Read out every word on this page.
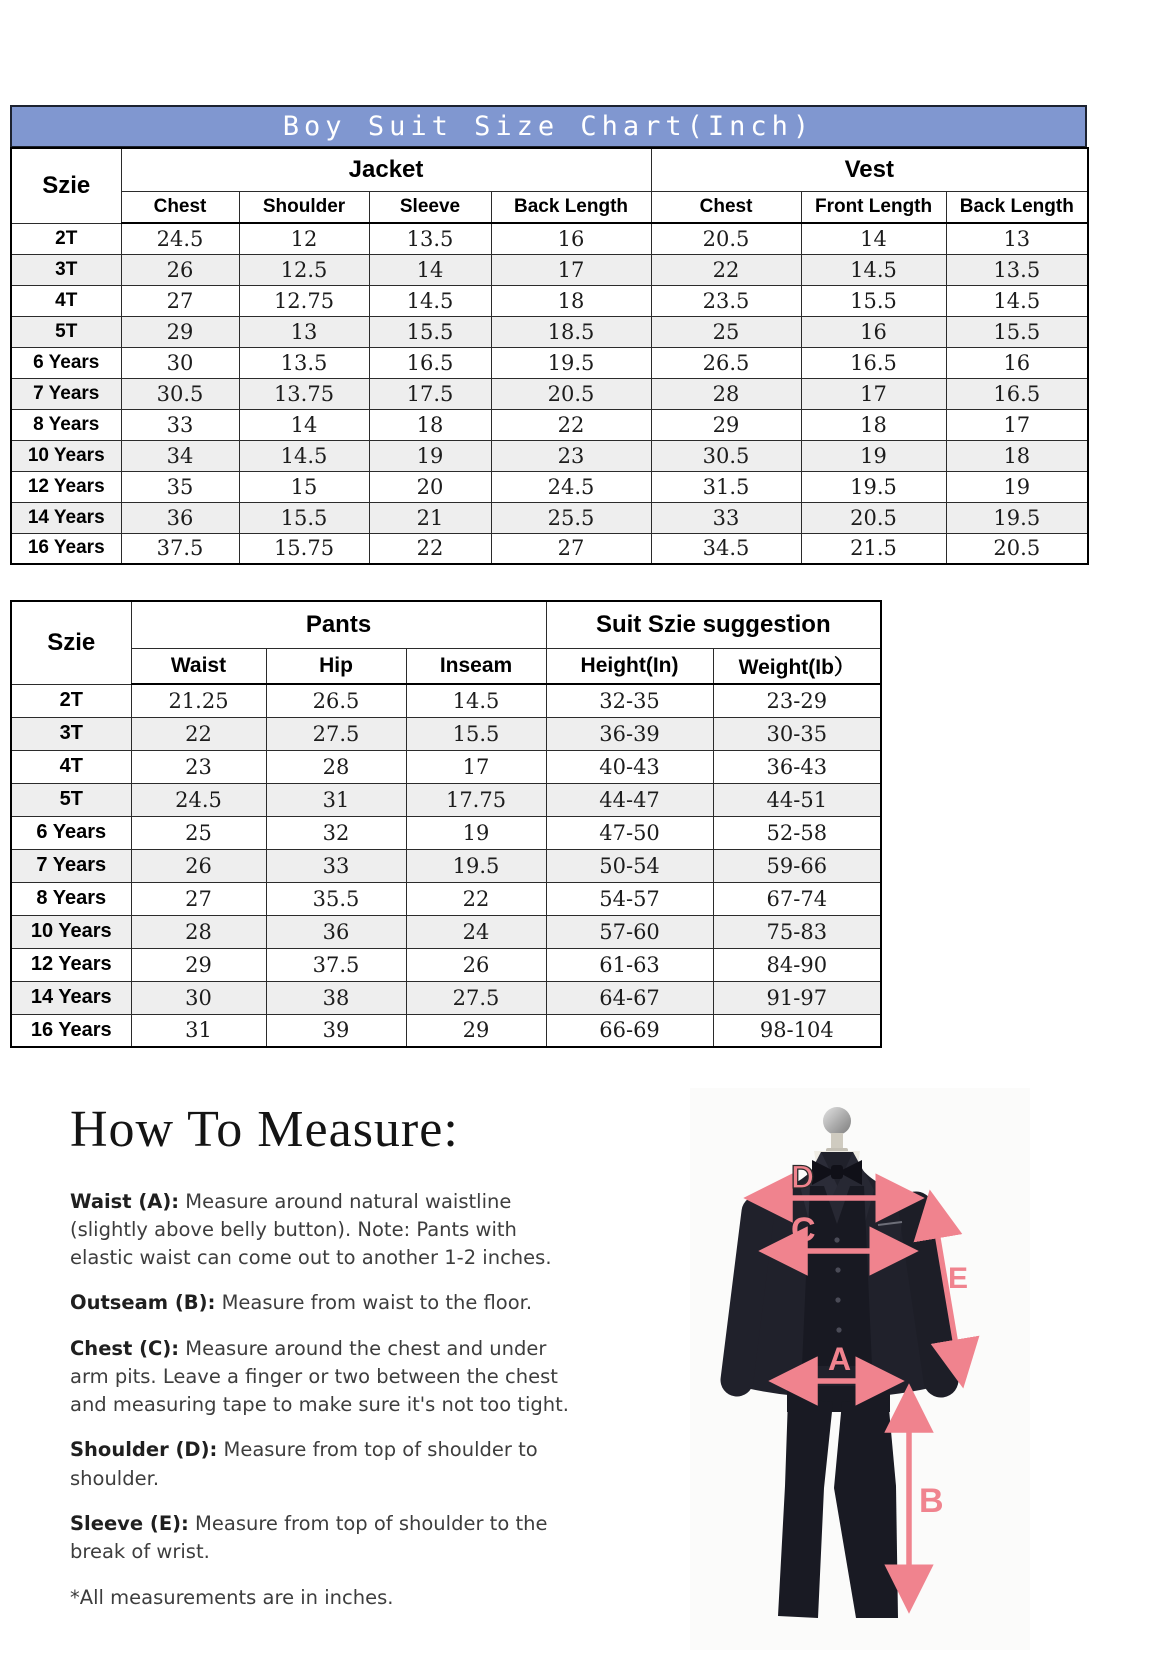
Boy Suit Size Chart(Inch)
Szie	Jacket				Vest		
	Chest	Shoulder	Sleeve	Back Length	Chest	Front Length	Back Length
2T	24.5	12	13.5	16	20.5	14	13
3T	26	12.5	14	17	22	14.5	13.5
4T	27	12.75	14.5	18	23.5	15.5	14.5
5T	29	13	15.5	18.5	25	16	15.5
6 Years	30	13.5	16.5	19.5	26.5	16.5	16
7 Years	30.5	13.75	17.5	20.5	28	17	16.5
8 Years	33	14	18	22	29	18	17
10 Years	34	14.5	19	23	30.5	19	18
12 Years	35	15	20	24.5	31.5	19.5	19
14 Years	36	15.5	21	25.5	33	20.5	19.5
16 Years	37.5	15.75	22	27	34.5	21.5	20.5
Szie	Pants			Suit Szie suggestion	
	Waist	Hip	Inseam	Height(In)	Weight(Ib）
2T	21.25	26.5	14.5	32-35	23-29
3T	22	27.5	15.5	36-39	30-35
4T	23	28	17	40-43	36-43
5T	24.5	31	17.75	44-47	44-51
6 Years	25	32	19	47-50	52-58
7 Years	26	33	19.5	50-54	59-66
8 Years	27	35.5	22	54-57	67-74
10 Years	28	36	24	57-60	75-83
12 Years	29	37.5	26	61-63	84-90
14 Years	30	38	27.5	64-67	91-97
16 Years	31	39	29	66-69	98-104
How To Measure:

Waist (A): Measure around natural waistline (slightly above belly button). Note: Pants with elastic waist can come out to another 1-2 inches.

Outseam (B): Measure from waist to the floor.

Chest (C): Measure around the chest and under arm pits. Leave a finger or two between the chest and measuring tape to make sure it's not too tight.

Shoulder (D): Measure from top of shoulder to shoulder.

Sleeve (E): Measure from top of shoulder to the break of wrist.

*All measurements are in inches.

D
C
E
A
B
